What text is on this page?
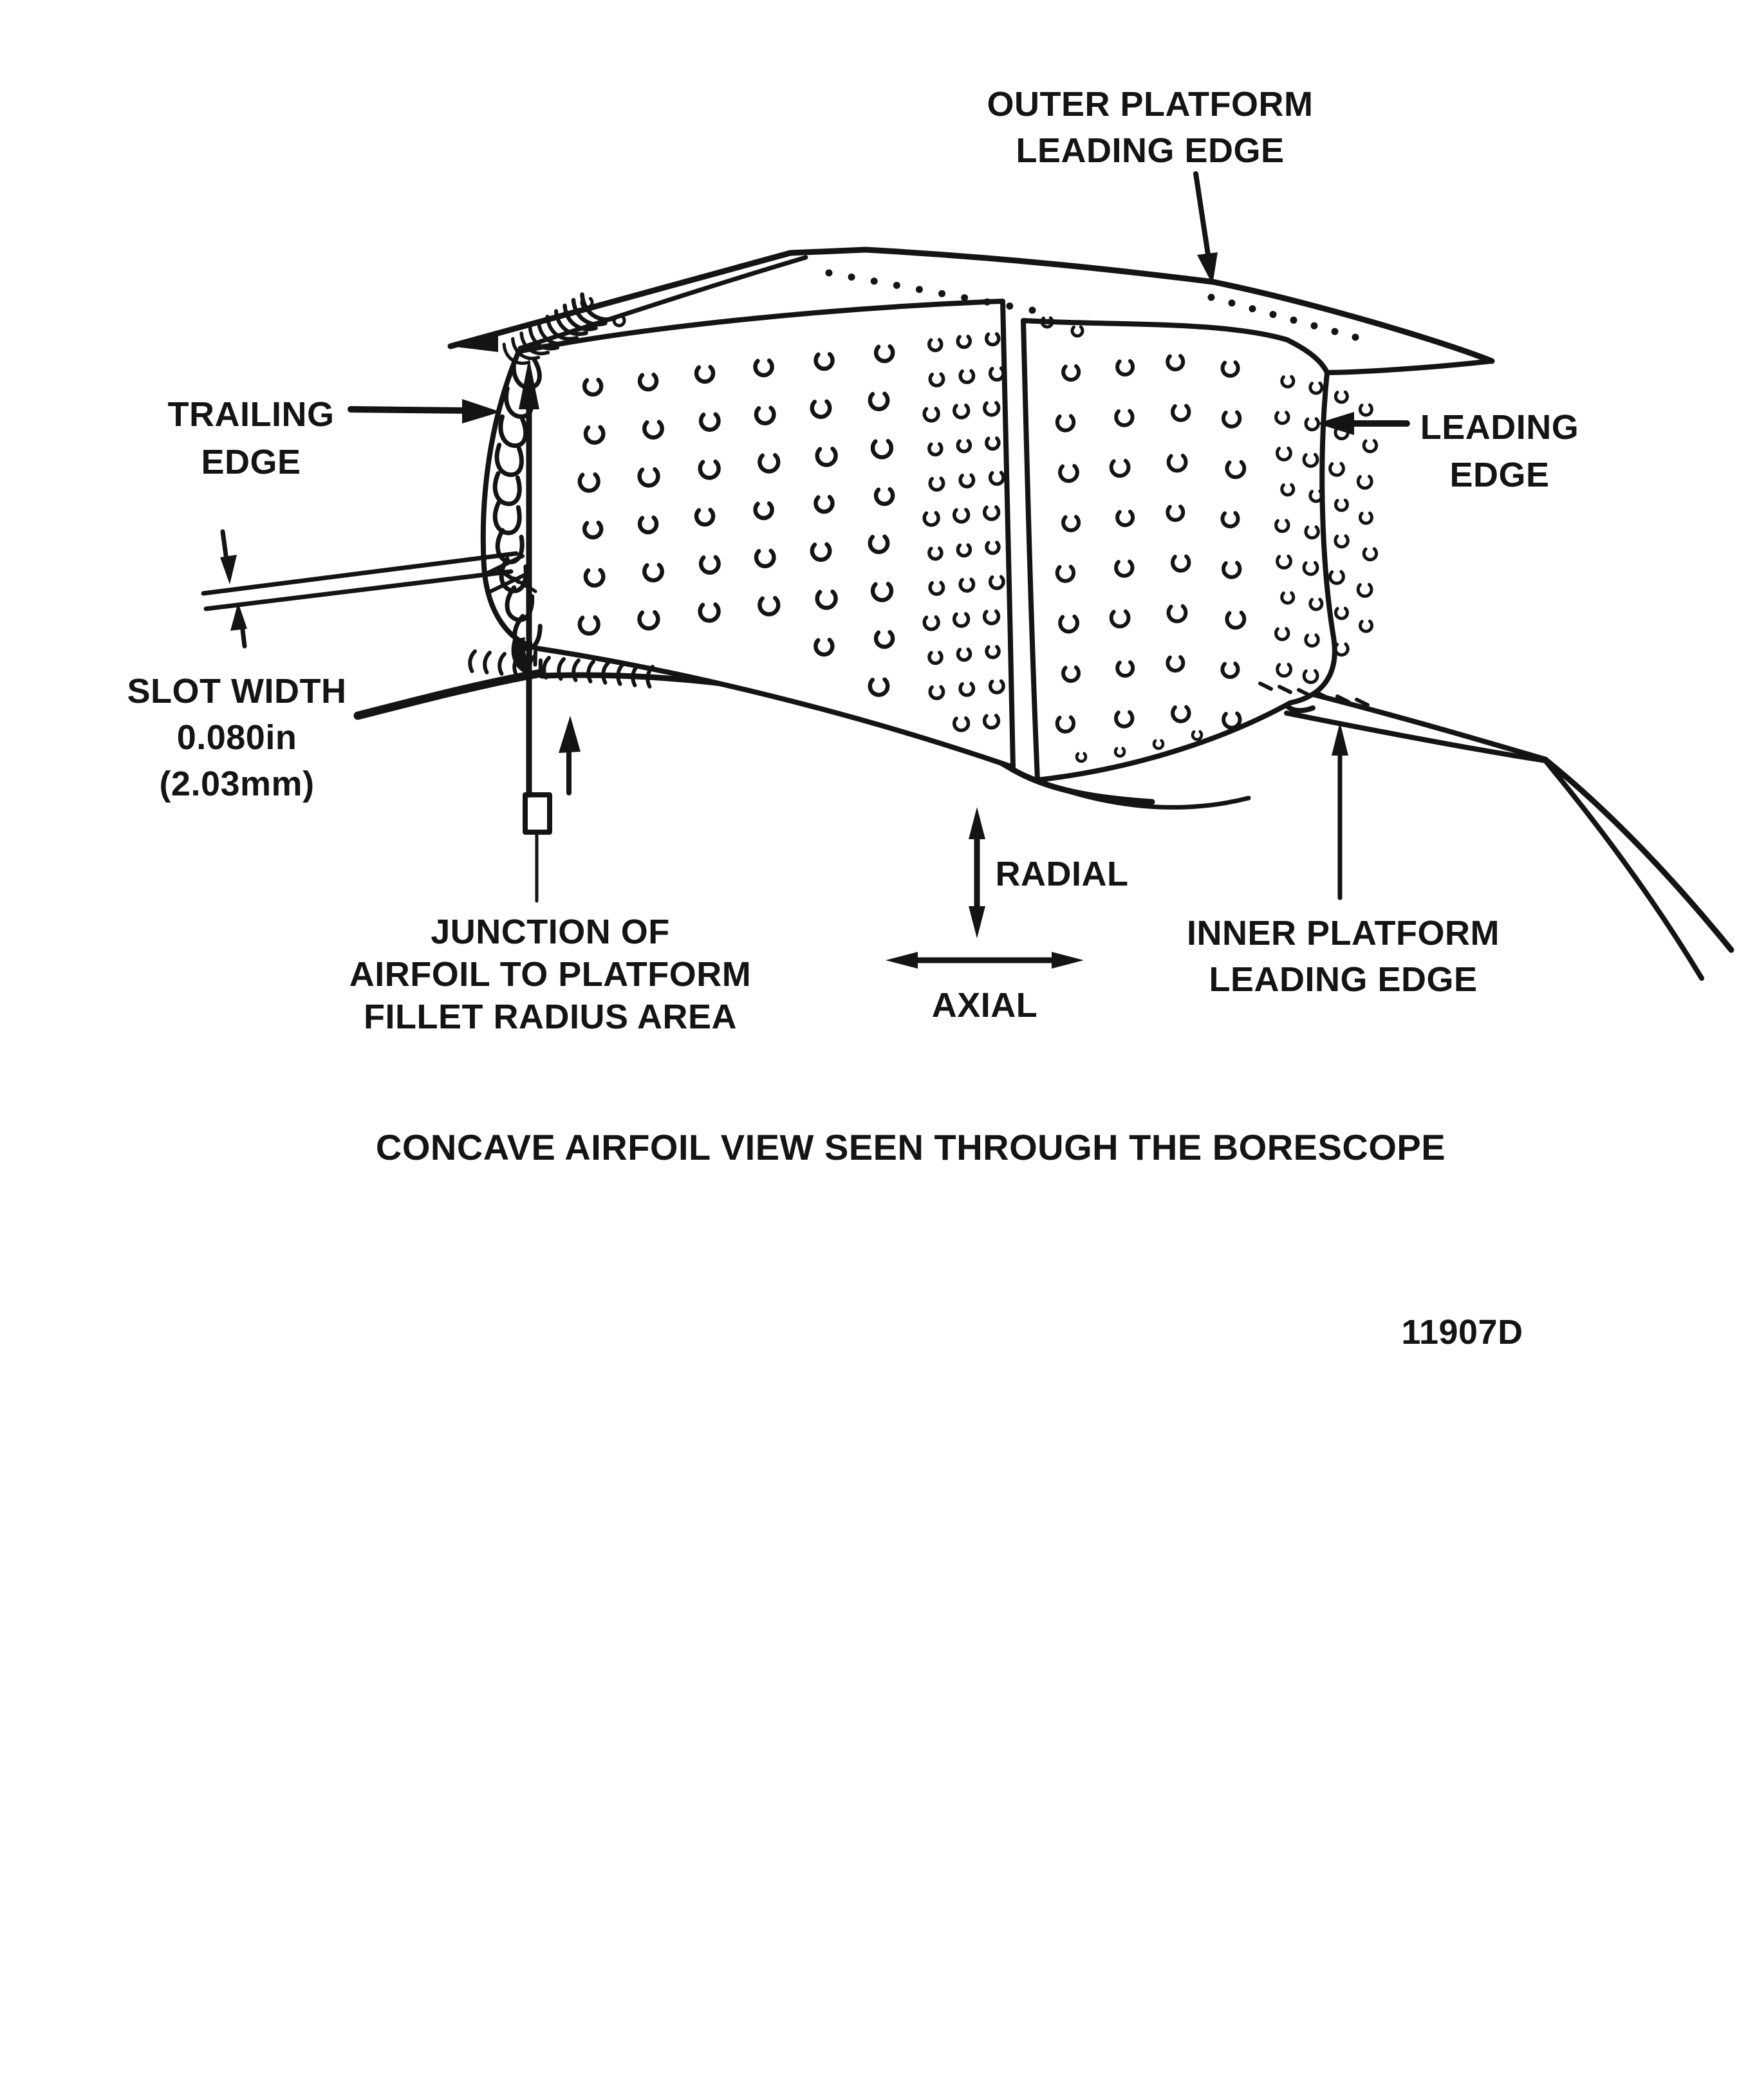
OUTER PLATFORM
LEADING EDGE
TRAILING
EDGE
LEADING
EDGE
SLOT WIDTH
0.080in
(2.03mm)
JUNCTION OF
AIRFOIL TO PLATFORM
FILLET RADIUS AREA
RADIAL
AXIAL
INNER PLATFORM
LEADING EDGE
CONCAVE AIRFOIL VIEW SEEN THROUGH THE BORESCOPE
11907D
